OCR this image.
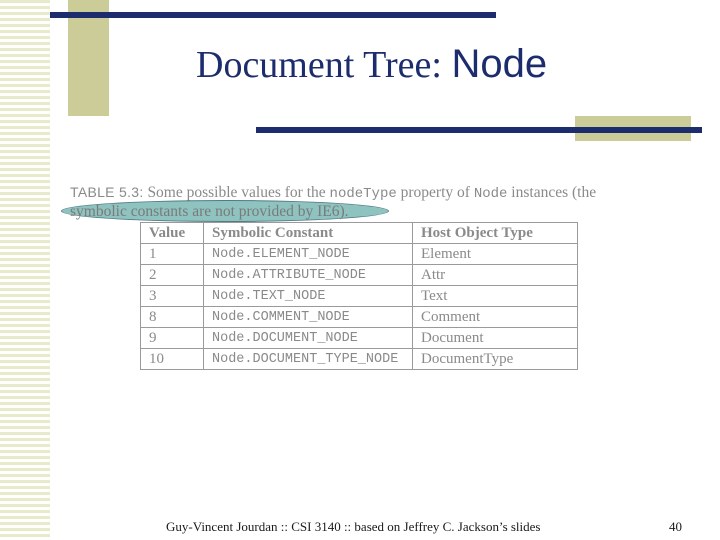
Document Tree: Node
TABLE 5.3: Some possible values for the nodeType property of Node instances (the
symbolic constants are not provided by IE6).
Value	Symbolic Constant	Host Object Type
1	Node.ELEMENT_NODE	Element
2	Node.ATTRIBUTE_NODE	Attr
3	Node.TEXT_NODE	Text
8	Node.COMMENT_NODE	Comment
9	Node.DOCUMENT_NODE	Document
10	Node.DOCUMENT_TYPE_NODE	DocumentType
Guy-Vincent Jourdan :: CSI 3140 :: based on Jeffrey C. Jackson’s slides	40
